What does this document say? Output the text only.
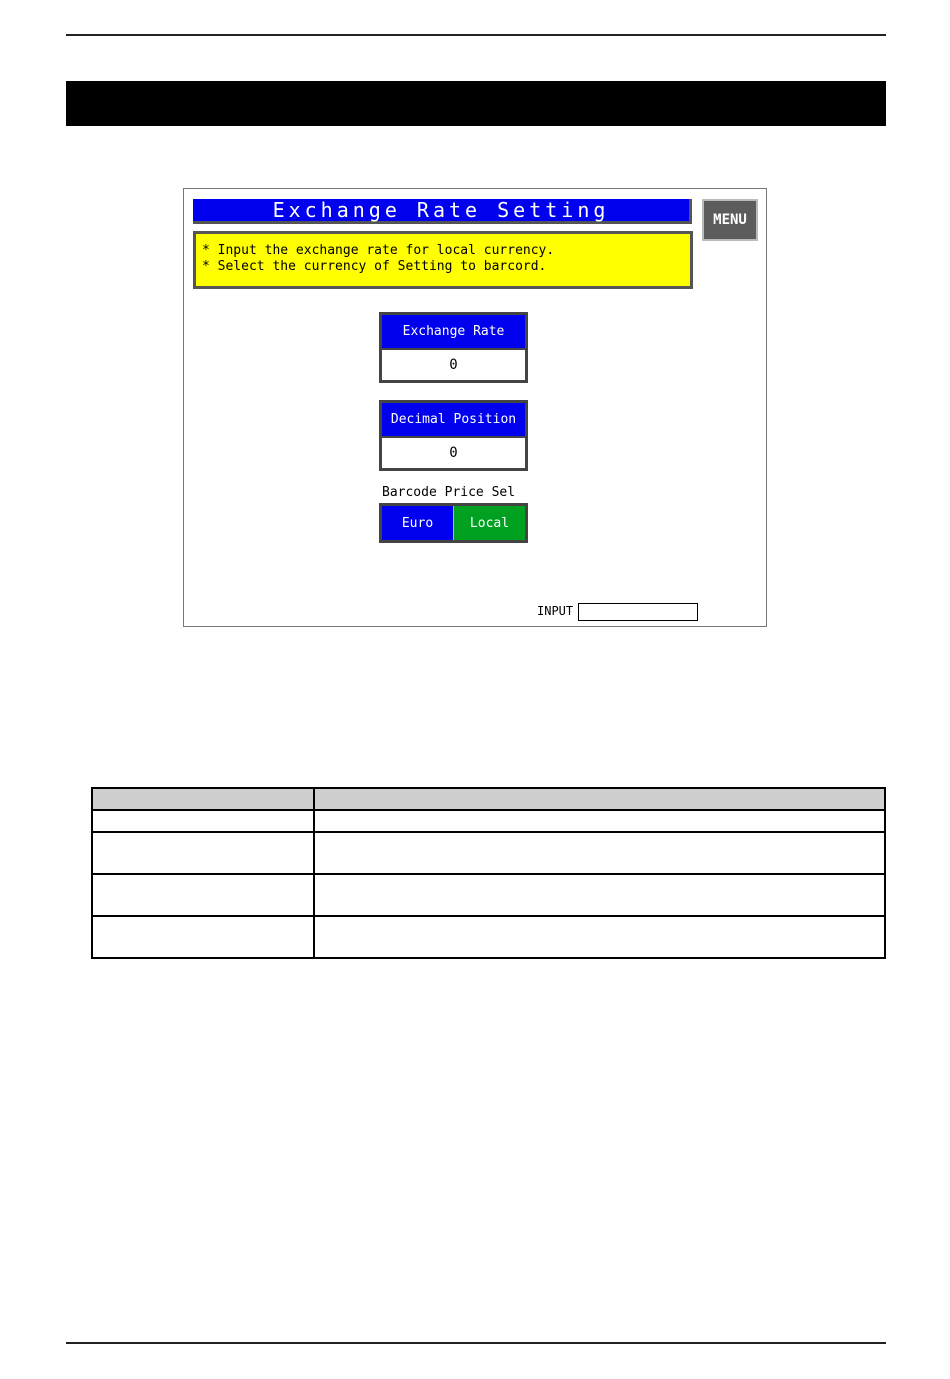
Exchange Rate Setting	MENU
* Input the exchange rate for local currency.
* Select the currency of Setting to barcord.
Exchange Rate
0
Decimal Position
0
Barcode Price Sel
Euro	Local
INPUT
